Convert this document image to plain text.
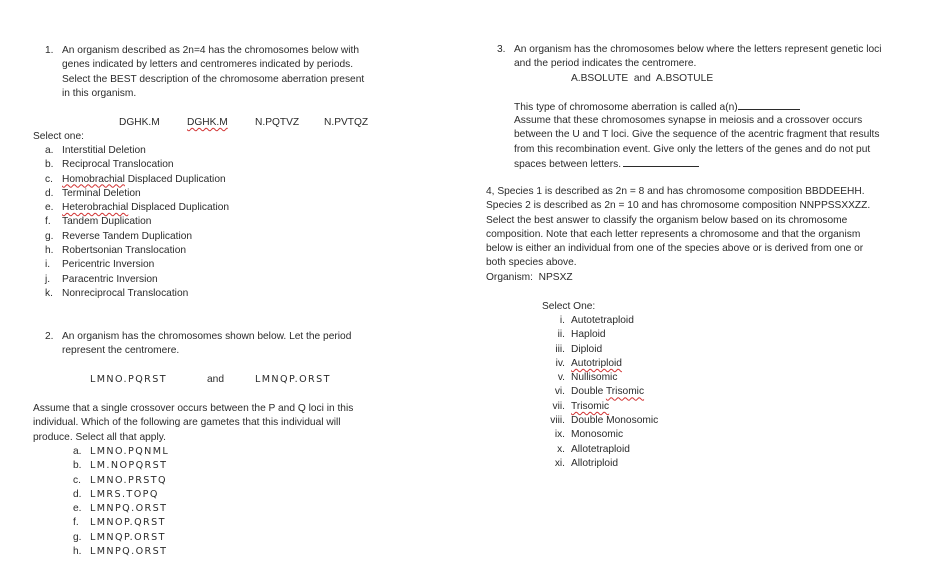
1. An organism described as 2n=4 has the chromosomes below with
genes indicated by letters and centromeres indicated by periods.
Select the BEST description of the chromosome aberration present
in this organism.
DGHK.M	DGHK.M	N.PQTVZ N.PVTQZ
Select one:
a. Interstitial Deletion
b. Reciprocal Translocation
c. Homobrachial Displaced Duplication
d. Terminal Deletion
e. Heterobrachial Displaced Duplication
f. Tandem Duplication
g. Reverse Tandem Duplication
h. Robertsonian Translocation
i. Pericentric Inversion
j. Paracentric Inversion
k. Nonreciprocal Translocation
2. An organism has the chromosomes shown below. Let the period
represent the centromere.
LMNO.PQRST	and	LMNQP.ORST
Assume that a single crossover occurs between the P and Q loci in this
individual. Which of the following are gametes that this individual will
produce. Select all that apply.
a. LMNO.PQNML
b. LM.NOPQRST
c. LMNO.PRSTQ
d. LMRS.TOPQ
e. LMNPQ.ORST
f. LMNOP.QRST
g. LMNQP.ORST
h. LMNPQ.ORST
3. An organism has the chromosomes below where the letters represent genetic loci
and the period indicates the centromere.
A.BSOLUTE  and  A.BSOTULE
This type of chromosome aberration is called a(n)
Assume that these chromosomes synapse in meiosis and a crossover occurs
between the U and T loci. Give the sequence of the acentric fragment that results
from this recombination event. Give only the letters of the genes and do not put
spaces between letters.
4, Species 1 is described as 2n = 8 and has chromosome composition BBDDEEHH.
Species 2 is described as 2n = 10 and has chromosome composition NNPPSSXXZZ.
Select the best answer to classify the organism below based on its chromosome
composition. Note that each letter represents a chromosome and that the organism
below is either an individual from one of the species above or is derived from one or
both species above.
Organism:  NPSXZ
Select One:
i. Autotetraploid
ii. Haploid
iii. Diploid
iv. Autotriploid
v. Nullisomic
vi. Double Trisomic
vii. Trisomic
viii. Double Monosomic
ix. Monosomic
x. Allotetraploid
xi. Allotriploid
